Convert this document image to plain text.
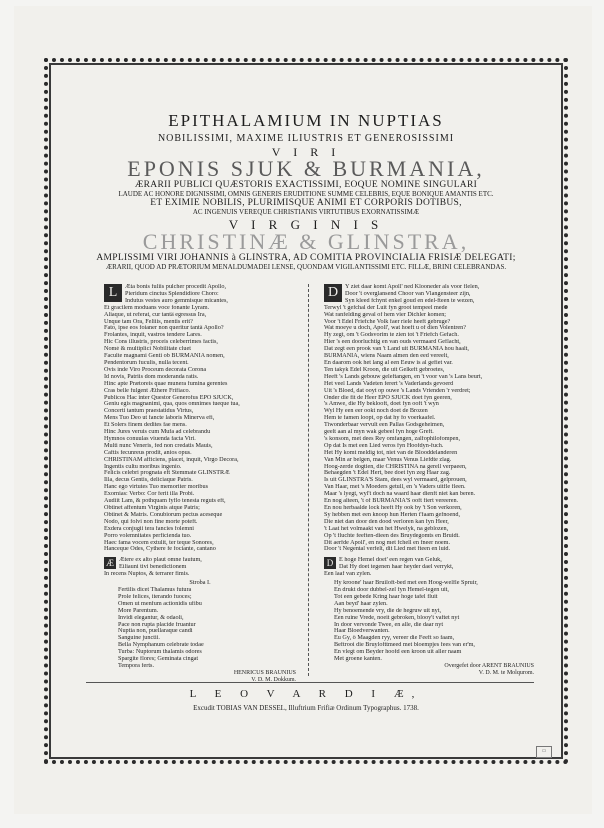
EPITHALAMIUM IN NUPTIAS
NOBILISSIMI, MAXIME ILIUSTRIS ET GENEROSISSIMI
V I R I
EPONIS SJUK & BURMANIA,
ÆRARII PUBLICI QUÆSTORIS EXACTISSIMI, EOQUE NOMINE SINGULARI
LAUDE AC HONORE DIGNISSIMI, OMNIS GENERIS ERUDITIONE SUMME CELEBRIS, EQUE BONIQUE AMANTIS ETC.
ET EXIMIE NOBILIS, PLURIMISQUE ANIMI ET CORPORIS DOTIBUS,
AC INGENUIS VEREQUE CHRISTIANIS VIRTUTIBUS EXORNATISSIMÆ
V I R G I N I S
CHRISTINÆ & GLINSTRA,
AMPLISSIMI VIRI JOHANNIS à GLINSTRA, AD COMITIA PROVINCIALIA FRISIÆ DELEGATI;
ÆRARII, QUOD AD PRÆTORIUM MENALDUMADEI LENSE, QUONDAM VIGILANTISSIMI ETC. FILLÆ, BRINI CELEBRANDAS.
L	Æta bonis fuliis pulcher procedit Apollo,
Pieridum cinctus Splendidiore Choro:
Indutus vestes auro gemmisque micantes,
Et gracilem moduans voce fonante Lyram.
Aliaque, ut referat, cur tantâ egressus Ira,
Unque tam Ora, Feliiis, mentis erit?
Fato, ipse eos foianer non queritur tantâ Apollo?
Frolantes, inquit, vastros tendere Lares.
Hic Cons illustris, proceis celeberrimes factis,
Nomé & multiplici Nobilitate cluet
Faculte magnami Genti ob BURMANIA nomen,
Pendentorum fuculis, nulla tecent.
Ovis inde Viro Proceum decorata Corona
Id novis, Patriis dom moderanda ratis.
Hinc apte Prætoreis quae munera fumina gerentes
Cras belle fulgent Æthere Frifiaco.
Publicos Hac inter Questor Generofus EPO SJUCK,
Geniu egis magnanimi, qua, quos omnimes tueque tua,
Concerti tantum praestatidus Virtus,
Mens Tuo Deo ut fancte laboris Minerva efi,
Et Solers finem dedites fae mens.
Hinc Jures veruis cum Mufa ad celebrandu
Hymnos conuulas viuenda facta Viri.
Multi nunc Veneris, fed non credatis Mauis,
Caftis fecunreus prodit, anios opus.
CHRISTINAM afficiens, placet, inquit, Virgo Decora,
Ingentis cultu moribus ingenio.
Felicis celebri prognata eft Stemmate GLINSTRÆ
Illa, decus Gentis, deliciaque Patris.
Hanc ego virtutes Tuo memoriter moribus
Exornias: Verbo: Cor ferit illa Probi.
Audiit Lam, & pothquam fyflo tenesta reguts eft,
Obtinet affentum Virginis atque Patris;
Obtinet & Matris. Conubiorum pectus aceseque
Nodo, qui folvi non fine morte poteft.
Exdera conjugii tera fancies folemni
Porro volemnitates perficienda tuo.
Haec fama vocem extulit, ter teque Sonores,
Hanceque Odes, Cythere fe fociante, cantano
Æ Ætere ex alto plaut omne fautum,
Eiliauni tivi benedictionem
In recens Nuptos, & terrarer fimis.
Stroba I.
Fertilis dicet Thalamus futura
Prole felices, iterando fuoces;
Omen ut menfum actionidis ufibu
More Parentum.
Invidi elegantur, & odaoli,
Pace non rupta placide fruantur
Nuptia non, puellaraque candi
Sanguine junctii.
Bella Nymphanum celebrate todae
Turba: Nuptorum thalamis odores
Spargite flores; Geminata cingat
Tempora ferts.
HENRICUS BRAUNIUS
V. D. M. Dokkum.
D	Y ziet daar komt Apoll' ned Klooneder als voor flelen,
Door 't overglansend Choor van Vlangensteer zijn,
Syn kleed fchynt enkel goud en edel-fteen te wezen,
Terwyl 't gefchal der Luit fyn groot tempeel mede
Wat ranfelding geval of hem vier Dichler komen;
Voor 't Edel Friefche Volk faer riele heeft gebruge?
Wat moeye u doch, Apoll', wat hoeft u of dien Volentren?
Hy zegt, om 't Godsvorim te zien tot 't Friefch Gefach.
Hier 's een doorluchtig en van ouds vermaard Geflacht,
Dat zegt een prook van 't Land uit BURMANIA hou haalt,
BURMANIA, wiens Naam almen den eed vereelt,
En daarom ook het lang al een Eeuw is al gefiet var.
Ten takyk Edel Kroon, die uit Gelkeft gebroetes,
Heeft 's Lands gebouw geleftangen, en 't voor van 's Lans beurt,
Het veel Lands Vadeten ferert 's Vaderlands gevoerd
Uit 's Bloed, dat ooyt op ouwe 's Lands Vrienden 'r verdret;
Onder die fit de Heer EPO SJUCK doet fyn geeren,
's Amwe, die Hy beklooft, doet fyn ooft 't wyn
Wyl Hy een eer ookt noch doet de Brozen
Hem te famen loopt, op dat hy fo voerkaafel.
Tiwonderbaar vervult een Pallas Godsgeheimen,
geelt aan al myn wak gebeel fyn hoge Greft.
's konsom, met dees Rey omfangen, zalfophilofompen,
Op dat Is met een Lied veros fyn Hoofdyn-fuch.
Het Hy komt meldig tot, niet van de Blooddelanderen
Van Min ar belgen, maar Venus Venus Liefdte zlag.
Hoog-zerde dogtien, die CHRISTINA na gerell verpaeen,
Behaegden 't Edel Hert, bee doet fyn zeg Haar zag.
Is uit GLINSTRA'S Stam, dees wyl vermaard, gelprouen,
Van Haar, met 's Moeders getull, en 's Vaders uitfle fleen.
Maar 's lyegt, wyl't doch na waard haar dienft niet kan beren.
En nog alteen, 't of BURMANIA'S ooft fiert vereeren.
En nou herbaalde lock heeft Hy ook by 't Son verkoren,
Sy hebben met een knoop hun Herten t'faam gefnoend,
Die niet dan door den dood verloren kan fyn Heer,
't Laat het volmaakt van het Hwelyk, na geblozen,
Op 't fluchte feeften-dieen des Bruydegomts en Bruidt.
Dit aerfde Apoll', en nog met fchell en fneer noem.
Door 't Negental verfelt, dit Lied met fteen en luid.
D E hoge Hemel doet' een regen van Geluk,
Dat Hy doet tegenen haar heyder dael verrykt,
Een laaf van zylen.
Hy kroone' haar Bruiloft-bed met een Hoog-welfle Spruir,
En drukt door dubbel-zel fyn Hemel-tegen uit,
Tot een gebede Kring haar hoge tafel fluit
Aan beyd' haar zylen.
Hy benoemende vry, die de hegruw uit nyt,
Een ruine Vrede, noeit gebroken, blooy't vaftet nyt
In door vervonde Twee, en alle, die daar nyt
Haar Bloedverwanten.
Eu Gy, ô Maagden ryy, vereer die Feeft so faam,
Beftrooi die Bruylofttmeed met bloempjes fees van er'm,
En vlegt om Beyder hoofd een kroon uit aller naam
Met groene kanten.
Overgefet door ARENT BRAUNIUS
V. D. M. te Molqurom.
L E O V A R D I Æ,
Excudit TOBIAS VAN DESSEL, Illuftrium Frifiæ Ordinum Typographus. 1738.
▭
